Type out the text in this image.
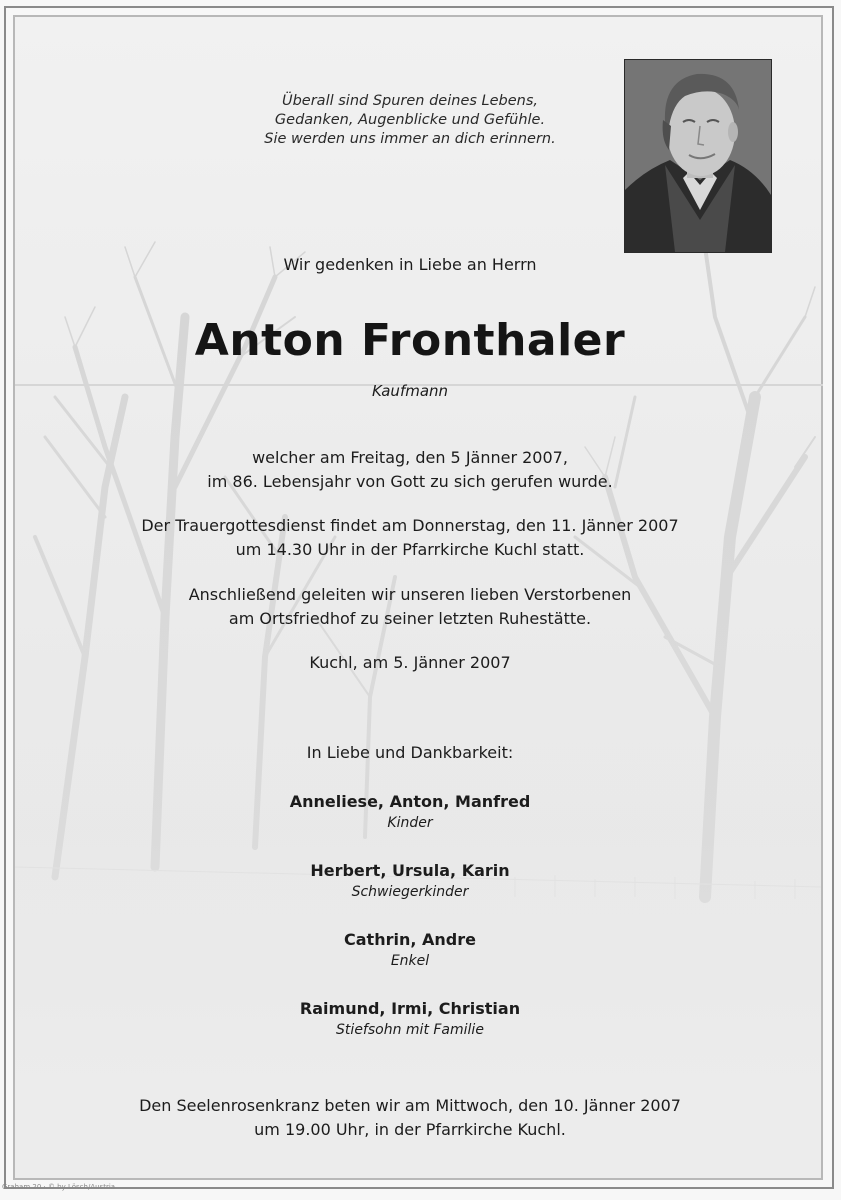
Überall sind Spuren deines Lebens,
Gedanken, Augenblicke und Gefühle.
Sie werden uns immer an dich erinnern.
Wir gedenken in Liebe an Herrn
Anton Fronthaler
Kaufmann
welcher am Freitag, den 5 Jänner 2007,
im 86. Lebensjahr von Gott zu sich gerufen wurde.
Der Trauergottesdienst findet am Donnerstag, den 11. Jänner 2007
um 14.30 Uhr in der Pfarrkirche Kuchl statt.
Anschließend geleiten wir unseren lieben Verstorbenen
am Ortsfriedhof zu seiner letzten Ruhestätte.
Kuchl, am 5. Jänner 2007
In Liebe und Dankbarkeit:
Anneliese, Anton, Manfred
Kinder
Herbert, Ursula, Karin
Schwiegerkinder
Cathrin, Andre
Enkel
Raimund, Irmi, Christian
Stiefsohn mit Familie
Den Seelenrosenkranz beten wir am Mittwoch, den 10. Jänner 2007
um 19.00 Uhr, in der Pfarrkirche Kuchl.
Graham 20 · © by Lösch/Austria
